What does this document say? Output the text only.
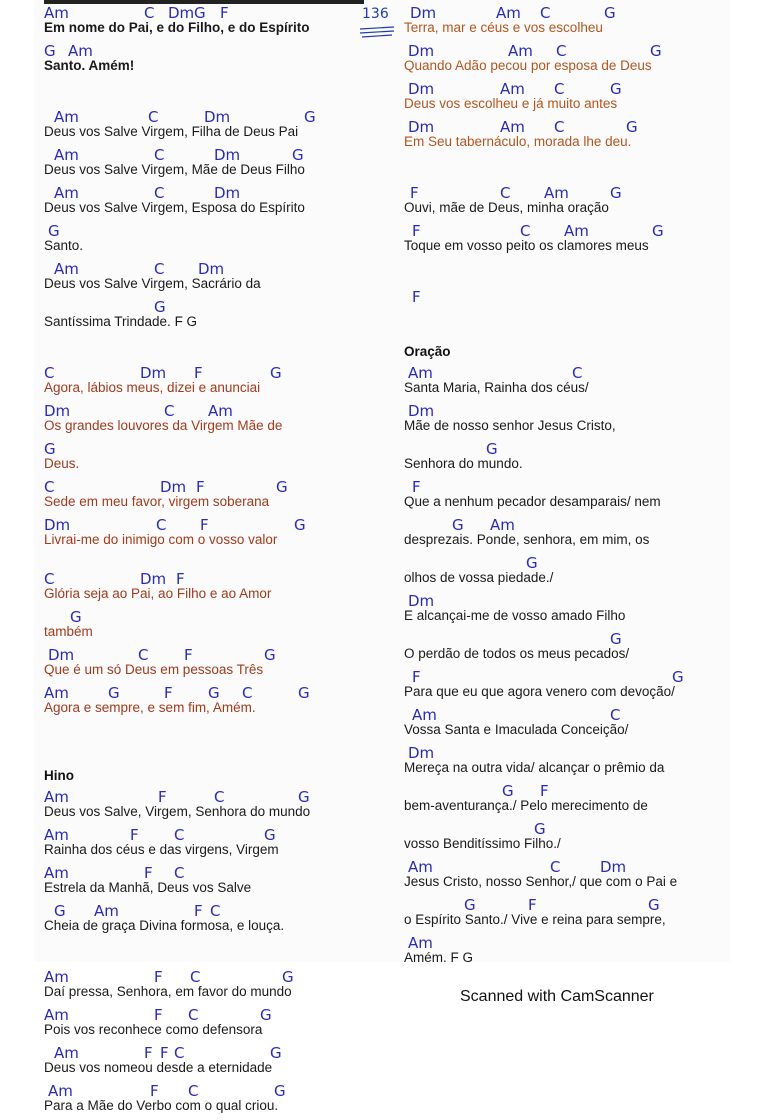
136
Am	C Dm G F
Em nome do Pai, e do Filho, e do Espírito
G Am
Santo. Amém!
Am	C	Dm	G
Deus vos Salve Virgem, Filha de Deus Pai
Am	C	Dm	G
Deus vos Salve Virgem, Mãe de Deus Filho
Am	C	Dm
Deus vos Salve Virgem, Esposa do Espírito
G
Santo.
Am	C Dm
Deus vos Salve Virgem, Sacrário da
G
Santíssima Trindade. F G
C	Dm F	G
Agora, lábios meus, dizei e anunciai
Dm	C Am
Os grandes louvores da Virgem Mãe de
G
Deus.
C	Dm F	G
Sede em meu favor, virgem soberana
Dm	C F	G
Livrai-me do inimigo com o vosso valor
C	Dm F
Glória seja ao Pai, ao Filho e ao Amor
G
também
Dm	C F	G
Que é um só Deus em pessoas Três
Am	G	F G C	G
Agora e sempre, e sem fim, Amém.
Hino
Am	F	C	G
Deus vos Salve, Virgem, Senhora do mundo
Am	F C	G
Rainha dos céus e das virgens, Virgem
Am	F C
Estrela da Manhã, Deus vos Salve
G Am	F C
Cheia de graça Divina formosa, e louça.
Am	F C	G
Daí pressa, Senhora, em favor do mundo
Am	F C	G
Pois vos reconhece como defensora
Am	F F C	G
Deus vos nomeou desde a eternidade
Am	F C	G
Para a Mãe do Verbo com o qual criou.
Dm	Am C	G
Terra, mar e céus e vos escolheu
Dm	Am C	G
Quando Adão pecou por esposa de Deus
Dm	Am C	G
Deus vos escolheu e já muito antes
Dm	Am C	G
Em Seu tabernáculo, morada lhe deu.
F	C Am	G
Ouvi, mãe de Deus, minha oração
F	C Am	G
Toque em vosso peito os clamores meus
F
Oração
Am	C
Santa Maria, Rainha dos céus/
Dm
Mãe de nosso senhor Jesus Cristo,
G
Senhora do mundo.
F
Que a nenhum pecador desamparais/ nem
G Am
desprezais. Ponde, senhora, em mim, os
G
olhos de vossa piedade./
Dm
E alcançai-me de vosso amado Filho
G
O perdão de todos os meus pecados/
F	G
Para que eu que agora venero com devoção/
Am	C
Vossa Santa e Imaculada Conceição/
Dm
Mereça na outra vida/ alcançar o prêmio da
G F
bem-aventurança./ Pelo merecimento de
G
vosso Benditíssimo Filho./
Am	C	Dm
Jesus Cristo, nosso Senhor,/ que com o Pai e
G	F	G
o Espírito Santo./ Vive e reina para sempre,
Am
Amém. F G
Scanned with CamScanner
